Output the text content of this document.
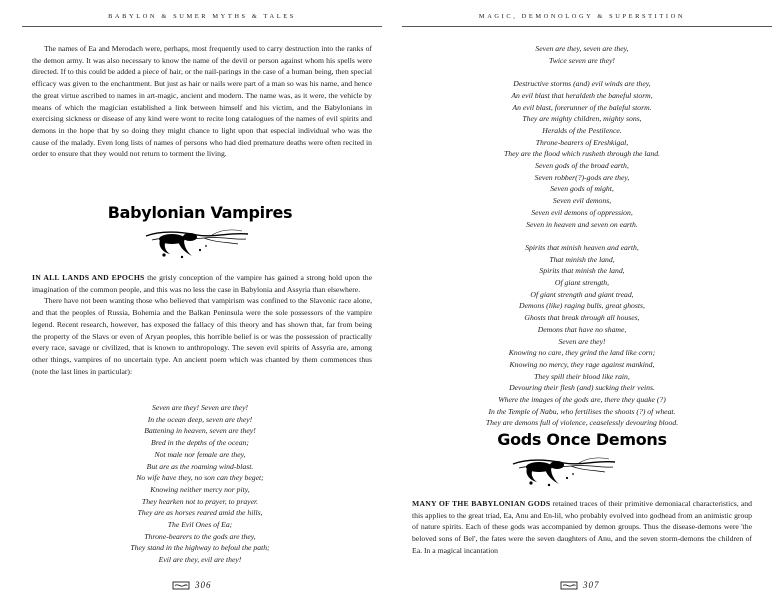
BABYLON & SUMER MYTHS & TALES

The names of Ea and Merodach were, perhaps, most frequently used to carry destruction into the ranks of the demon army. It was also necessary to know the name of the devil or person against whom his spells were directed. If to this could be added a piece of hair, or the nail-parings in the case of a human being, then special efficacy was given to the enchantment. But just as hair or nails were part of a man so was his name, and hence the great virtue ascribed to names in art-magic, ancient and modern. The name was, as it were, the vehicle by means of which the magician established a link between himself and his victim, and the Babylonians in exercising sickness or disease of any kind were wont to recite long catalogues of the names of evil spirits and demons in the hope that by so doing they might chance to light upon that especial individual who was the cause of the malady. Even long lists of names of persons who had died premature deaths were often recited in order to ensure that they would not return to torment the living.

Babylonian Vampires

IN ALL LANDS AND EPOCHS the grisly conception of the vampire has gained a strong hold upon the imagination of the common people, and this was no less the case in Babylonia and Assyria than elsewhere.

There have not been wanting those who believed that vampirism was confined to the Slavonic race alone, and that the peoples of Russia, Bohemia and the Balkan Peninsula were the sole possessors of the vampire legend. Recent research, however, has exposed the fallacy of this theory and has shown that, far from being the property of the Slavs or even of Aryan peoples, this horrible belief is or was the possession of practically every race, savage or civilized, that is known to anthropology. The seven evil spirits of Assyria are, among other things, vampires of no uncertain type. An ancient poem which was chanted by them commences thus (note the last lines in particular):

Seven are they! Seven are they!
In the ocean deep, seven are they!
Battening in heaven, seven are they!
Bred in the depths of the ocean;
Not male nor female are they,
But are as the roaming wind-blast.
No wife have they, no son can they beget;
Knowing neither mercy nor pity,
They hearken not to prayer, to prayer.
They are as horses reared amid the hills,
The Evil Ones of Ea;
Throne-bearers to the gods are they,
They stand in the highway to befoul the path;
Evil are they, evil are they!
306
MAGIC, DEMONOLOGY & SUPERSTITION
Seven are they, seven are they,
Twice seven are they!
Destructive storms (and) evil winds are they,
An evil blast that heraldeth the baneful storm,
An evil blast, forerunner of the baleful storm.
They are mighty children, mighty sons,
Heralds of the Pestilence.
Throne-bearers of Ereshkigal,
They are the flood which rusheth through the land.
Seven gods of the broad earth,
Seven robber(?)-gods are they,
Seven gods of might,
Seven evil demons,
Seven evil demons of oppression,
Seven in heaven and seven on earth.
Spirits that minish heaven and earth,
That minish the land,
Spirits that minish the land,
Of giant strength,
Of giant strength and giant tread,
Demons (like) raging bulls, great ghosts,
Ghosts that break through all houses,
Demons that have no shame,
Seven are they!
Knowing no care, they grind the land like corn;
Knowing no mercy, they rage against mankind,
They spill their blood like rain,
Devouring their flesh (and) sucking their veins.
Where the images of the gods are, there they quake (?)
In the Temple of Nabu, who fertilises the shoots (?) of wheat.
They are demons full of violence, ceaselessly devouring blood.
Gods Once Demons

MANY OF THE BABYLONIAN GODS retained traces of their primitive demoniacal characteristics, and this applies to the great triad, Ea, Anu and En-lil, who probably evolved into godhead from an animistic group of nature spirits. Each of these gods was accompanied by demon groups. Thus the disease-demons were 'the beloved sons of Bel', the fates were the seven daughters of Anu, and the seven storm-demons the children of Ea. In a magical incantation

307
